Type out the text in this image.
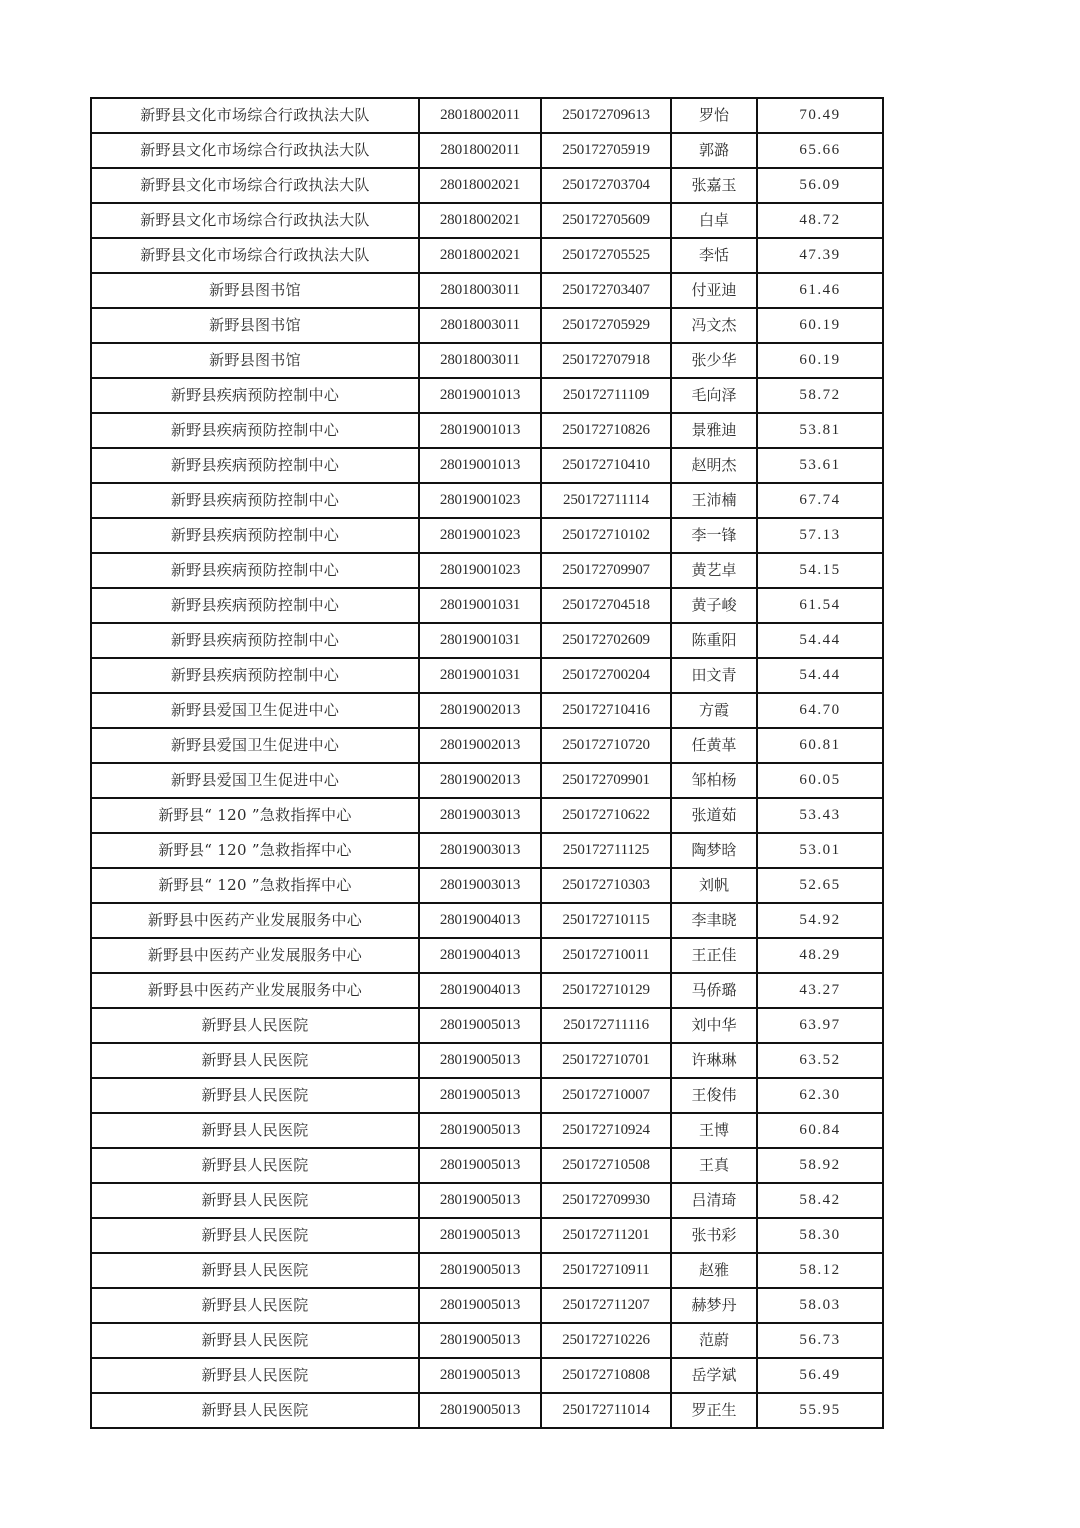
新野县文化市场综合行政执法大队	28018002011	250172709613	罗怡	70.49
新野县文化市场综合行政执法大队	28018002011	250172705919	郭潞	65.66
新野县文化市场综合行政执法大队	28018002021	250172703704	张嘉玉	56.09
新野县文化市场综合行政执法大队	28018002021	250172705609	白卓	48.72
新野县文化市场综合行政执法大队	28018002021	250172705525	李恬	47.39
新野县图书馆	28018003011	250172703407	付亚迪	61.46
新野县图书馆	28018003011	250172705929	冯文杰	60.19
新野县图书馆	28018003011	250172707918	张少华	60.19
新野县疾病预防控制中心	28019001013	250172711109	毛向泽	58.72
新野县疾病预防控制中心	28019001013	250172710826	景雅迪	53.81
新野县疾病预防控制中心	28019001013	250172710410	赵明杰	53.61
新野县疾病预防控制中心	28019001023	250172711114	王沛楠	67.74
新野县疾病预防控制中心	28019001023	250172710102	李一锋	57.13
新野县疾病预防控制中心	28019001023	250172709907	黄艺卓	54.15
新野县疾病预防控制中心	28019001031	250172704518	黄子峻	61.54
新野县疾病预防控制中心	28019001031	250172702609	陈重阳	54.44
新野县疾病预防控制中心	28019001031	250172700204	田文青	54.44
新野县爱国卫生促进中心	28019002013	250172710416	方霞	64.70
新野县爱国卫生促进中心	28019002013	250172710720	任黄革	60.81
新野县爱国卫生促进中心	28019002013	250172709901	邹柏杨	60.05
新野县“ 120 ”急救指挥中心	28019003013	250172710622	张道茹	53.43
新野县“ 120 ”急救指挥中心	28019003013	250172711125	陶梦晗	53.01
新野县“ 120 ”急救指挥中心	28019003013	250172710303	刘帆	52.65
新野县中医药产业发展服务中心	28019004013	250172710115	李聿晓	54.92
新野县中医药产业发展服务中心	28019004013	250172710011	王正佳	48.29
新野县中医药产业发展服务中心	28019004013	250172710129	马侨璐	43.27
新野县人民医院	28019005013	250172711116	刘中华	63.97
新野县人民医院	28019005013	250172710701	许琳琳	63.52
新野县人民医院	28019005013	250172710007	王俊伟	62.30
新野县人民医院	28019005013	250172710924	王博	60.84
新野县人民医院	28019005013	250172710508	王真	58.92
新野县人民医院	28019005013	250172709930	吕清琦	58.42
新野县人民医院	28019005013	250172711201	张书彩	58.30
新野县人民医院	28019005013	250172710911	赵雅	58.12
新野县人民医院	28019005013	250172711207	赫梦丹	58.03
新野县人民医院	28019005013	250172710226	范蔚	56.73
新野县人民医院	28019005013	250172710808	岳学斌	56.49
新野县人民医院	28019005013	250172711014	罗正生	55.95
